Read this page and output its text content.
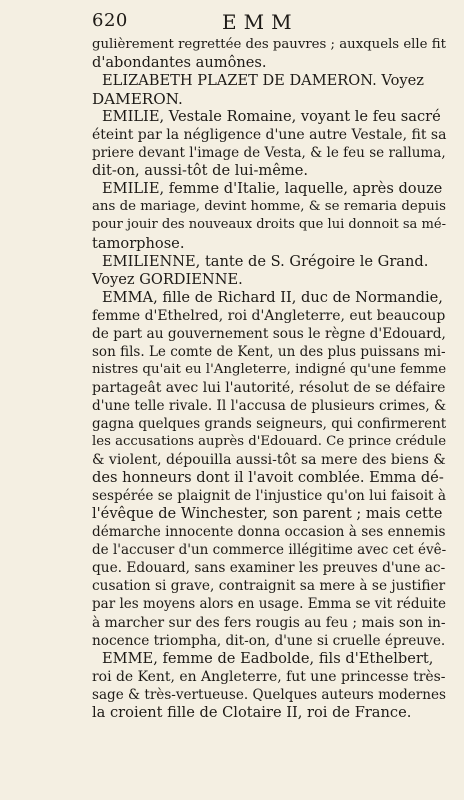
620	EMM
gulièrement regrettée des pauvres ; auxquels elle fit
d'abondantes aumônes.
ELIZABETH PLAZET DE DAMERON. Voyez
DAMERON.
EMILIE, Vestale Romaine, voyant le feu sacré
éteint par la négligence d'une autre Vestale, fit sa
priere devant l'image de Vesta, & le feu se ralluma,
dit-on, aussi-tôt de lui-même.
EMILIE, femme d'Italie, laquelle, après douze
ans de mariage, devint homme, & se remaria depuis
pour jouir des nouveaux droits que lui donnoit sa mé-
tamorphose.
EMILIENNE, tante de S. Grégoire le Grand.
Voyez GORDIENNE.
EMMA, fille de Richard II, duc de Normandie,
femme d'Ethelred, roi d'Angleterre, eut beaucoup
de part au gouvernement sous le règne d'Edouard,
son fils. Le comte de Kent, un des plus puissans mi-
nistres qu'ait eu l'Angleterre, indigné qu'une femme
partageât avec lui l'autorité, résolut de se défaire
d'une telle rivale. Il l'accusa de plusieurs crimes, &
gagna quelques grands seigneurs, qui confirmerent
les accusations auprès d'Edouard. Ce prince crédule
& violent, dépouilla aussi-tôt sa mere des biens &
des honneurs dont il l'avoit comblée. Emma dé-
sespérée se plaignit de l'injustice qu'on lui faisoit à
l'évêque de Winchester, son parent ; mais cette
démarche innocente donna occasion à ses ennemis
de l'accuser d'un commerce illégitime avec cet évê-
que. Edouard, sans examiner les preuves d'une ac-
cusation si grave, contraignit sa mere à se justifier
par les moyens alors en usage. Emma se vit réduite
à marcher sur des fers rougis au feu ; mais son in-
nocence triompha, dit-on, d'une si cruelle épreuve.
EMME, femme de Eadbolde, fils d'Ethelbert,
roi de Kent, en Angleterre, fut une princesse très-
sage & très-vertueuse. Quelques auteurs modernes
la croient fille de Clotaire II, roi de France.
